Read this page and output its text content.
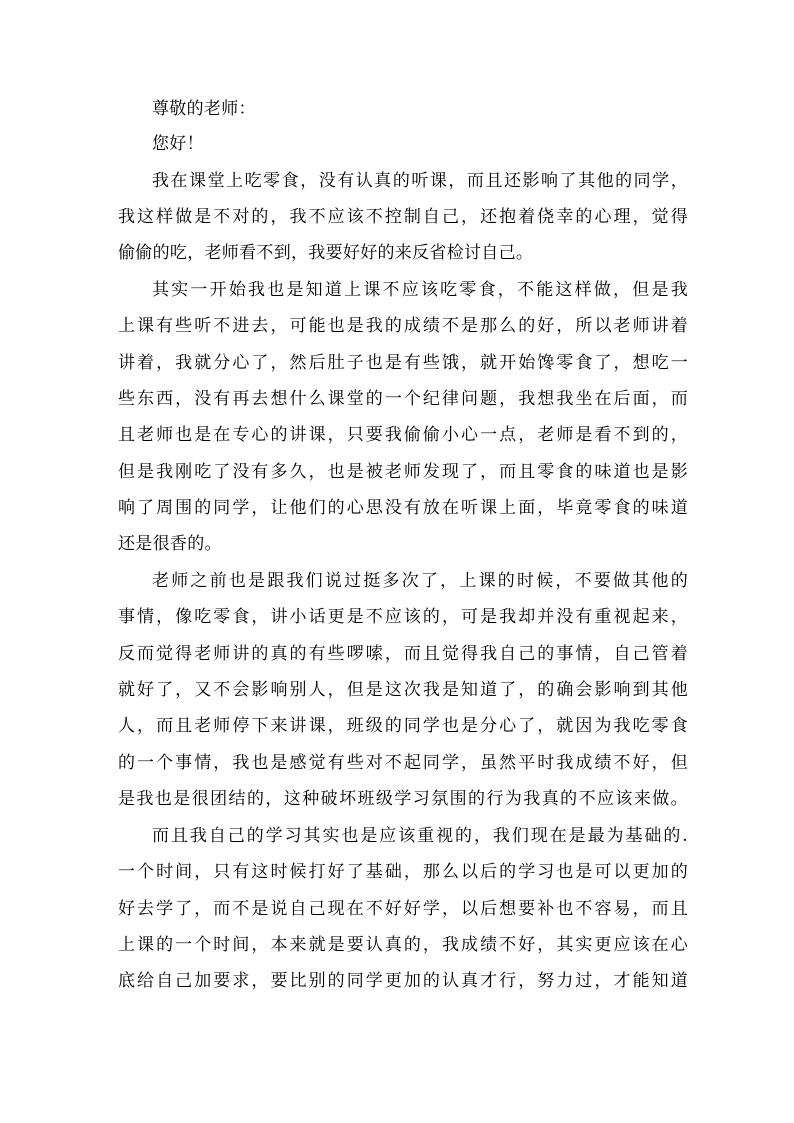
尊敬的老师：
您好！
我在课堂上吃零食，没有认真的听课，而且还影响了其他的同学，
我这样做是不对的，我不应该不控制自己，还抱着侥幸的心理，觉得
偷偷的吃，老师看不到，我要好好的来反省检讨自己。
其实一开始我也是知道上课不应该吃零食，不能这样做，但是我
上课有些听不进去，可能也是我的成绩不是那么的好，所以老师讲着
讲着，我就分心了，然后肚子也是有些饿，就开始馋零食了，想吃一
些东西，没有再去想什么课堂的一个纪律问题，我想我坐在后面，而
且老师也是在专心的讲课，只要我偷偷小心一点，老师是看不到的，
但是我刚吃了没有多久，也是被老师发现了，而且零食的味道也是影
响了周围的同学，让他们的心思没有放在听课上面，毕竟零食的味道
还是很香的。
老师之前也是跟我们说过挺多次了，上课的时候，不要做其他的
事情，像吃零食，讲小话更是不应该的，可是我却并没有重视起来，
反而觉得老师讲的真的有些啰嗦，而且觉得我自己的事情，自己管着
就好了，又不会影响别人，但是这次我是知道了，的确会影响到其他
人，而且老师停下来讲课，班级的同学也是分心了，就因为我吃零食
的一个事情，我也是感觉有些对不起同学，虽然平时我成绩不好，但
是我也是很团结的，这种破坏班级学习氛围的行为我真的不应该来做。
而且我自己的学习其实也是应该重视的，我们现在是最为基础的.
一个时间，只有这时候打好了基础，那么以后的学习也是可以更加的
好去学了，而不是说自己现在不好好学，以后想要补也不容易，而且
上课的一个时间，本来就是要认真的，我成绩不好，其实更应该在心
底给自己加要求，要比别的同学更加的认真才行，努力过，才能知道
